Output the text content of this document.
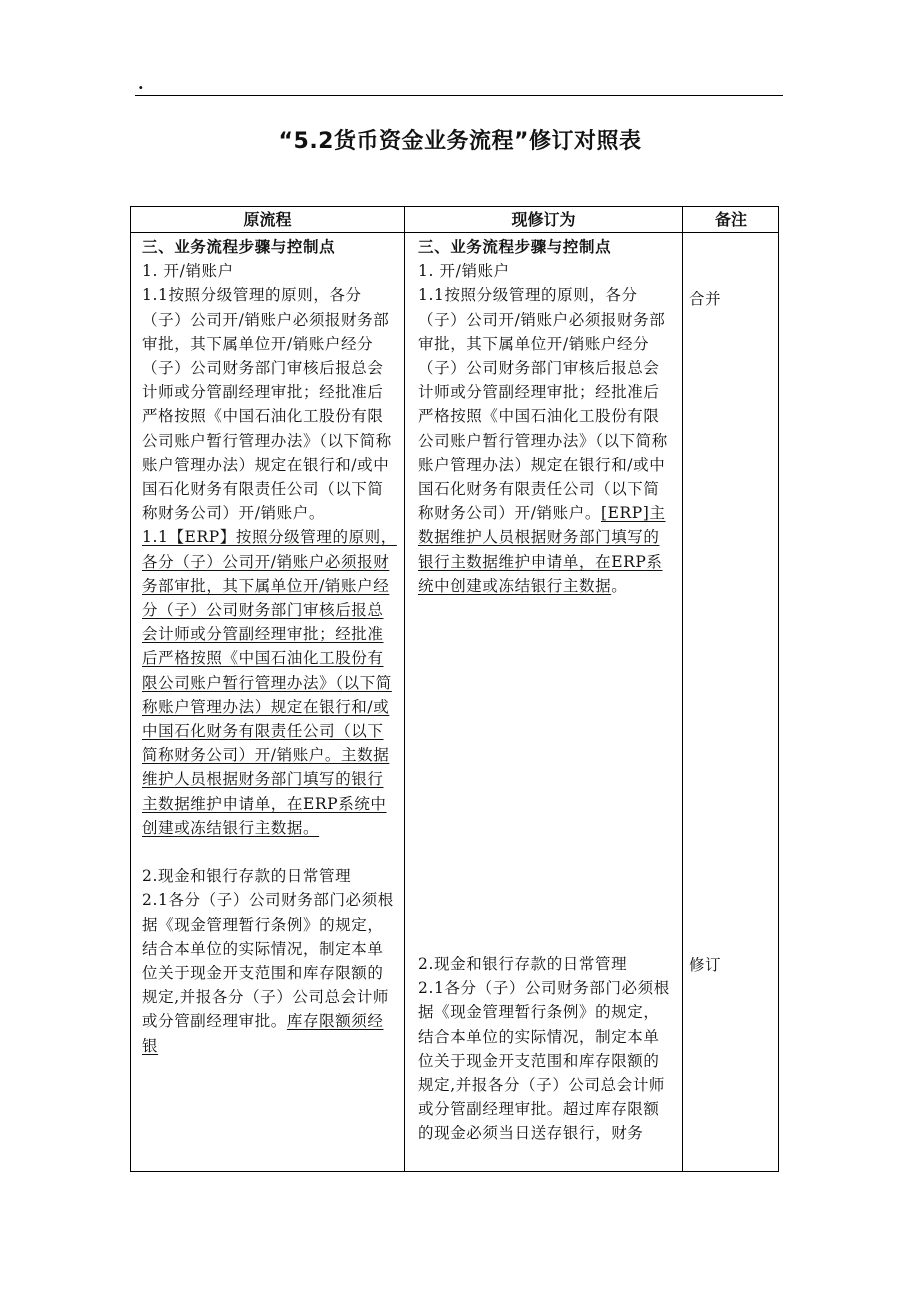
.
“5.2货币资金业务流程”修订对照表
原流程	现修订为	备注

三、业务流程步骤与控制点

1. 开/销账户

1.1按照分级管理的原则，各分（子）公司开/销账户必须报财务部审批，其下属单位开/销账户经分（子）公司财务部门审核后报总会计师或分管副经理审批；经批准后严格按照《中国石油化工股份有限公司账户暂行管理办法》（以下简称账户管理办法）规定在银行和/或中国石化财务有限责任公司（以下简称财务公司）开/销账户。

1.1【ERP】按照分级管理的原则，各分（子）公司开/销账户必须报财务部审批，其下属单位开/销账户经分（子）公司财务部门审核后报总会计师或分管副经理审批；经批准后严格按照《中国石油化工股份有限公司账户暂行管理办法》（以下简称账户管理办法）规定在银行和/或中国石化财务有限责任公司（以下简称财务公司）开/销账户。主数据维护人员根据财务部门填写的银行主数据维护申请单，在ERP系统中创建或冻结银行主数据。

2.现金和银行存款的日常管理

2.1各分（子）公司财务部门必须根据《现金管理暂行条例》的规定，结合本单位的实际情况，制定本单位关于现金开支范围和库存限额的规定,并报各分（子）公司总会计师或分管副经理审批。库存限额须经银

三、业务流程步骤与控制点

1. 开/销账户

1.1按照分级管理的原则，各分（子）公司开/销账户必须报财务部审批，其下属单位开/销账户经分（子）公司财务部门审核后报总会计师或分管副经理审批；经批准后严格按照《中国石油化工股份有限公司账户暂行管理办法》（以下简称账户管理办法）规定在银行和/或中国石化财务有限责任公司（以下简称财务公司）开/销账户。[ERP]主数据维护人员根据财务部门填写的银行主数据维护申请单，在ERP系统中创建或冻结银行主数据。

2.现金和银行存款的日常管理

2.1各分（子）公司财务部门必须根据《现金管理暂行条例》的规定，结合本单位的实际情况，制定本单位关于现金开支范围和库存限额的规定,并报各分（子）公司总会计师或分管副经理审批。超过库存限额的现金必须当日送存银行，财务

合并
修订
